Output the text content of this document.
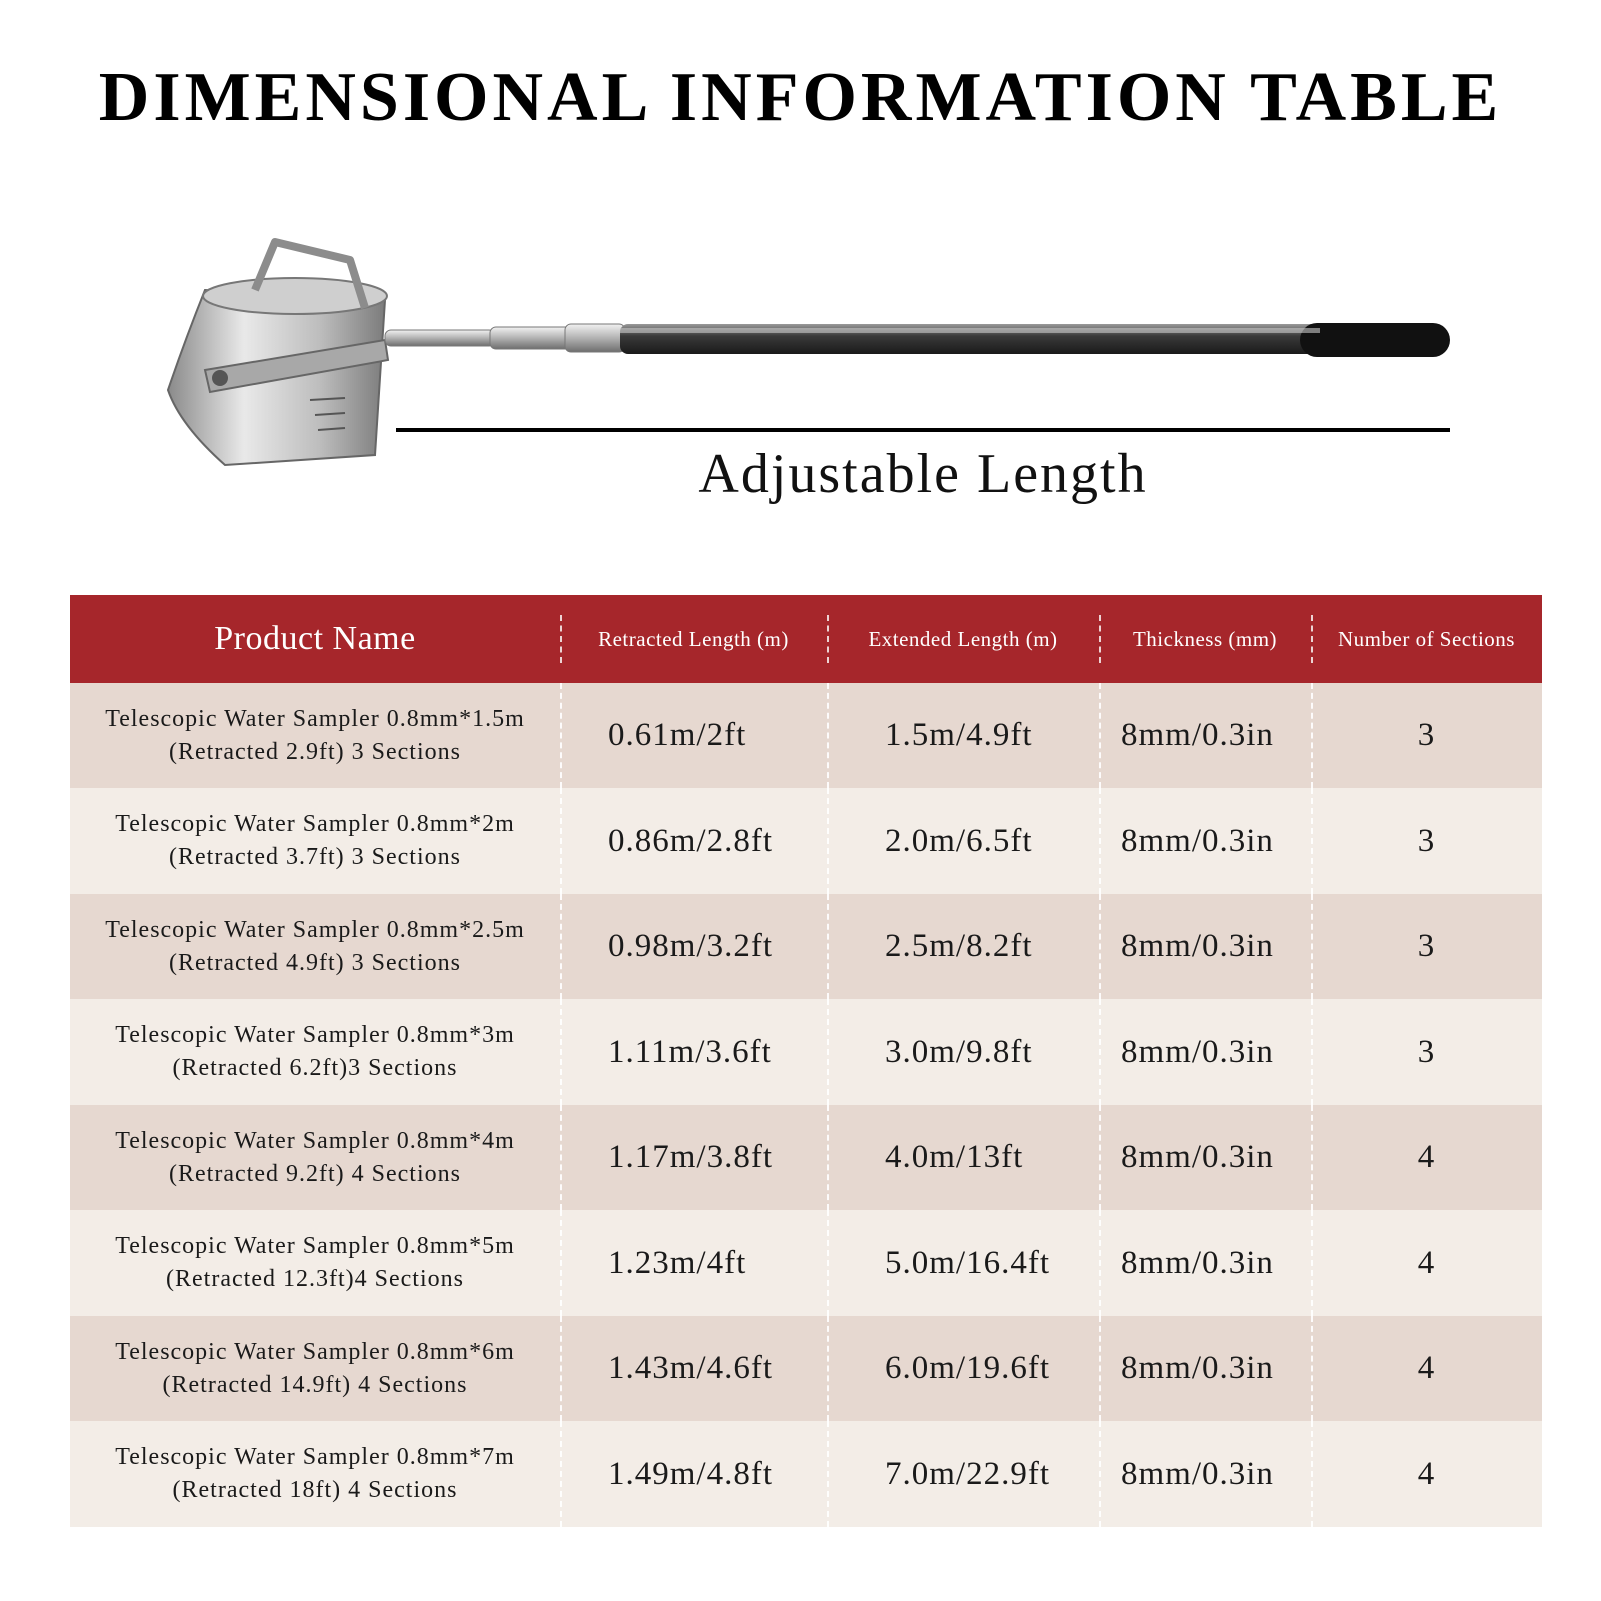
DIMENSIONAL INFORMATION TABLE
Adjustable Length
Product Name	Retracted Length (m)	Extended Length (m)	Thickness (mm)	Number of Sections
Telescopic Water Sampler 0.8mm*1.5m
(Retracted 2.9ft) 3 Sections	0.61m/2ft	1.5m/4.9ft	8mm/0.3in	3
Telescopic Water Sampler 0.8mm*2m
(Retracted 3.7ft) 3 Sections	0.86m/2.8ft	2.0m/6.5ft	8mm/0.3in	3
Telescopic Water Sampler 0.8mm*2.5m
(Retracted 4.9ft) 3 Sections	0.98m/3.2ft	2.5m/8.2ft	8mm/0.3in	3
Telescopic Water Sampler 0.8mm*3m
(Retracted 6.2ft)3 Sections	1.11m/3.6ft	3.0m/9.8ft	8mm/0.3in	3
Telescopic Water Sampler 0.8mm*4m
(Retracted 9.2ft) 4 Sections	1.17m/3.8ft	4.0m/13ft	8mm/0.3in	4
Telescopic Water Sampler 0.8mm*5m
(Retracted 12.3ft)4 Sections	1.23m/4ft	5.0m/16.4ft	8mm/0.3in	4
Telescopic Water Sampler 0.8mm*6m
(Retracted 14.9ft) 4 Sections	1.43m/4.6ft	6.0m/19.6ft	8mm/0.3in	4
Telescopic Water Sampler 0.8mm*7m
(Retracted 18ft) 4 Sections	1.49m/4.8ft	7.0m/22.9ft	8mm/0.3in	4
